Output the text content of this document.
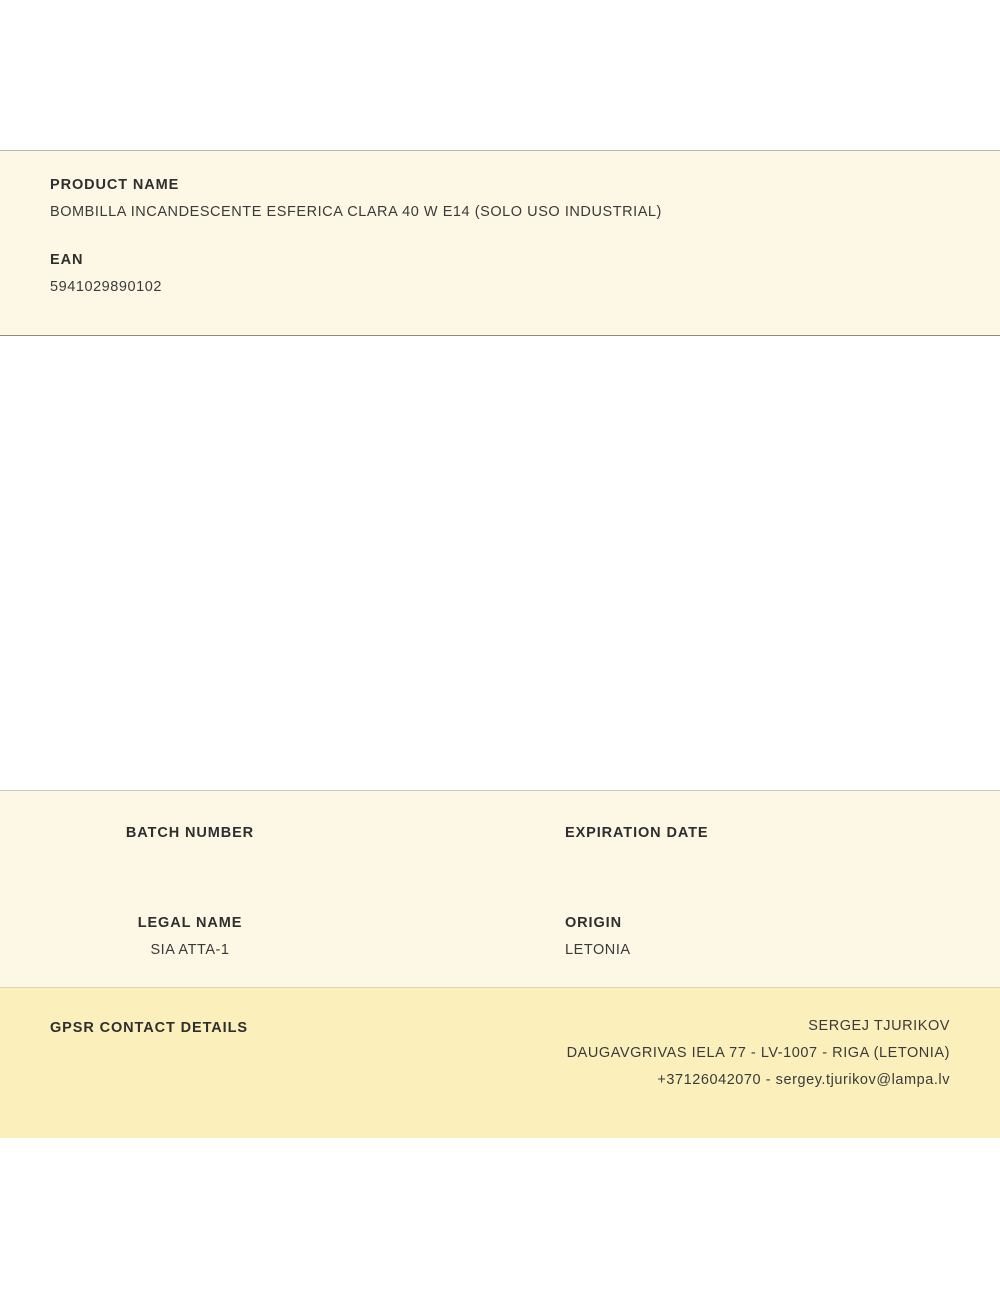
PRODUCT NAME

BOMBILLA INCANDESCENTE ESFERICA CLARA 40 W E14 (SOLO USO INDUSTRIAL)

EAN

5941029890102

BATCH NUMBER	EXPIRATION DATE

LEGAL NAME

SIA ATTA-1

ORIGIN

LETONIA

GPSR CONTACT DETAILS	SERGEJ TJURIKOV

DAUGAVGRIVAS IELA 77 - LV-1007 - RIGA (LETONIA)

+37126042070 - sergey.tjurikov@lampa.lv
